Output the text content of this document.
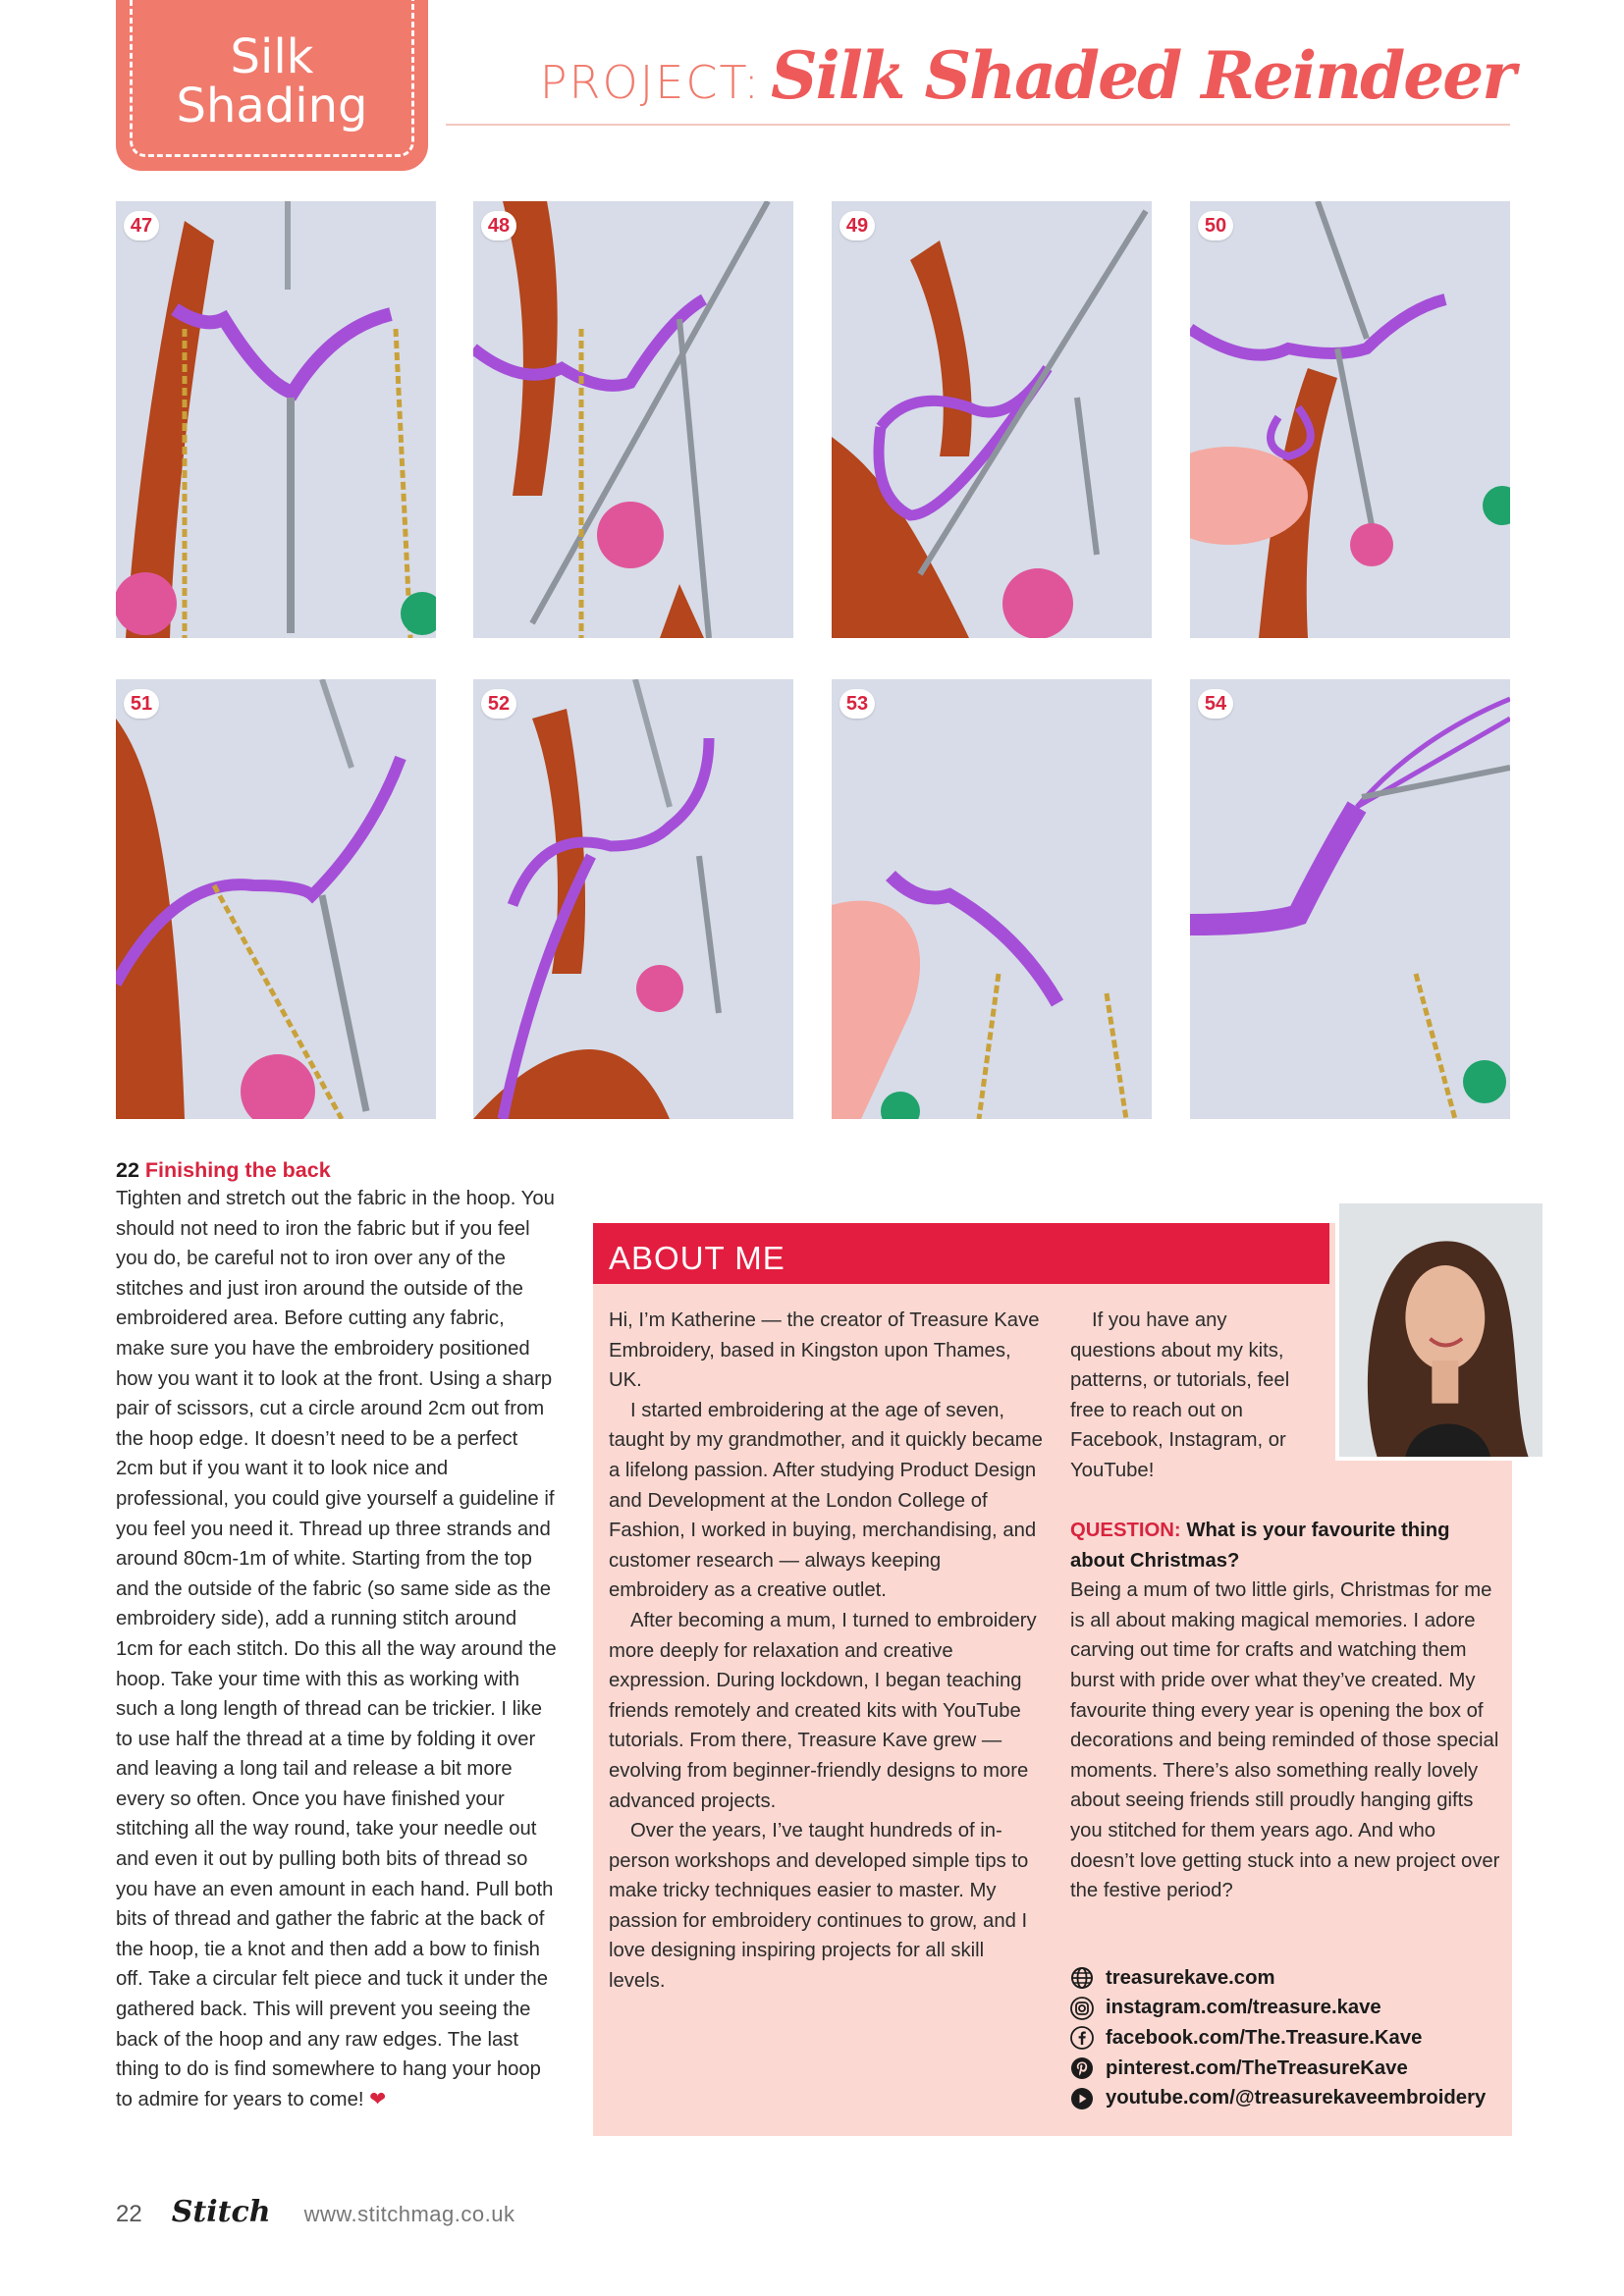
Silk Shading	PROJECT: Silk Shaded Reindeer
47	48	49	50
51	52	53	54
22 Finishing the back
Tighten and stretch out the fabric in the hoop. You should not need to iron the fabric but if you feel you do, be careful not to iron over any of the stitches and just iron around the outside of the embroidered area. Before cutting any fabric, make sure you have the embroidery positioned how you want it to look at the front. Using a sharp pair of scissors, cut a circle around 2cm out from the hoop edge. It doesn’t need to be a perfect 2cm but if you want it to look nice and professional, you could give yourself a guideline if you feel you need it. Thread up three strands and around 80cm-1m of white. Starting from the top and the outside of the fabric (so same side as the embroidery side), add a running stitch around 1cm for each stitch. Do this all the way around the hoop. Take your time with this as working with such a long length of thread can be trickier. I like to use half the thread at a time by folding it over and leaving a long tail and release a bit more every so often. Once you have finished your stitching all the way round, take your needle out and even it out by pulling both bits of thread so you have an even amount in each hand. Pull both bits of thread and gather the fabric at the back of the hoop, tie a knot and then add a bow to finish off. Take a circular felt piece and tuck it under the gathered back. This will prevent you seeing the back of the hoop and any raw edges. The last thing to do is find somewhere to hang your hoop to admire for years to come! ❤
ABOUT ME

Hi, I’m Katherine — the creator of Treasure Kave Embroidery, based in Kingston upon Thames, UK.

I started embroidering at the age of seven, taught by my grandmother, and it quickly became a lifelong passion. After studying Product Design and Development at the London College of Fashion, I worked in buying, merchandising, and customer research — always keeping embroidery as a creative outlet.

After becoming a mum, I turned to embroidery more deeply for relaxation and creative expression. During lockdown, I began teaching friends remotely and created kits with YouTube tutorials. From there, Treasure Kave grew — evolving from beginner-friendly designs to more advanced projects.

Over the years, I’ve taught hundreds of in-person workshops and developed simple tips to make tricky techniques easier to master. My passion for embroidery continues to grow, and I love designing inspiring projects for all skill levels.

If you have any questions about my kits, patterns, or tutorials, feel free to reach out on Facebook, Instagram, or YouTube!
QUESTION: What is your favourite thing about Christmas?
Being a mum of two little girls, Christmas for me is all about making magical memories. I adore carving out time for crafts and watching them burst with pride over what they’ve created. My favourite thing every year is opening the box of decorations and being reminded of those special moments. There’s also something really lovely about seeing friends still proudly hanging gifts you stitched for them years ago. And who doesn’t love getting stuck into a new project over the festive period?
treasurekave.com
instagram.com/treasure.kave
facebook.com/The.Treasure.Kave
pinterest.com/TheTreasureKave
youtube.com/@treasurekaveembroidery
22 Stitch www.stitchmag.co.uk
